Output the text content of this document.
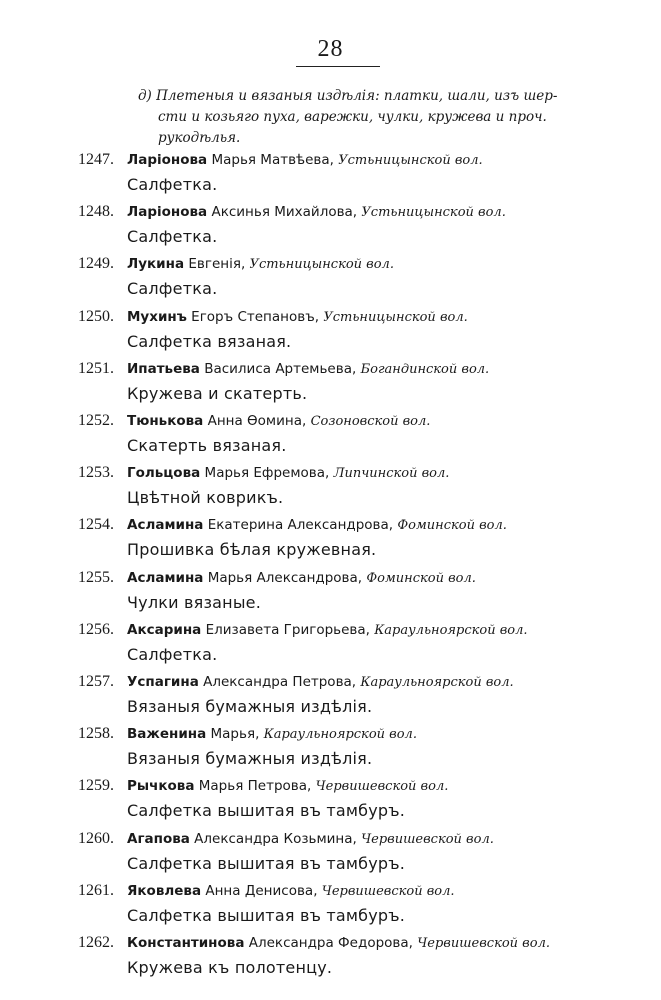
28
д) Плетеныя и вязаныя издѣлія: платки, шали, изъ шер-
сти и козьяго пуха, варежки, чулки, кружева и проч.
рукодѣлья.
1247. Ларіонова Марья Матвѣева, Устьницынской вол.
Салфетка.
1248. Ларіонова Аксинья Михайлова, Устьницынской вол.
Салфетка.
1249. Лукина Евгенія, Устьницынской вол.
Салфетка.
1250. Мухинъ Егоръ Степановъ, Устьницынской вол.
Салфетка вязаная.
1251. Ипатьева Василиса Артемьева, Богандинской вол.
Кружева и скатерть.
1252. Тюнькова Анна Ѳомина, Созоновской вол.
Скатерть вязаная.
1253. Гольцова Марья Ефремова, Липчинской вол.
Цвѣтной коврикъ.
1254. Асламина Екатерина Александрова, Фоминской вол.
Прошивка бѣлая кружевная.
1255. Асламина Марья Александрова, Фоминской вол.
Чулки вязаные.
1256. Аксарина Елизавета Григорьева, Караульноярской вол.
Салфетка.
1257. Успагина Александра Петрова, Караульноярской вол.
Вязаныя бумажныя издѣлія.
1258. Важенина Марья, Караульноярской вол.
Вязаныя бумажныя издѣлія.
1259. Рычкова Марья Петрова, Червишевской вол.
Салфетка вышитая въ тамбуръ.
1260. Агапова Александра Козьмина, Червишевской вол.
Салфетка вышитая въ тамбуръ.
1261. Яковлева Анна Денисова, Червишевской вол.
Салфетка вышитая въ тамбуръ.
1262. Константинова Александра Федорова, Червишевской вол.
Кружева къ полотенцу.
